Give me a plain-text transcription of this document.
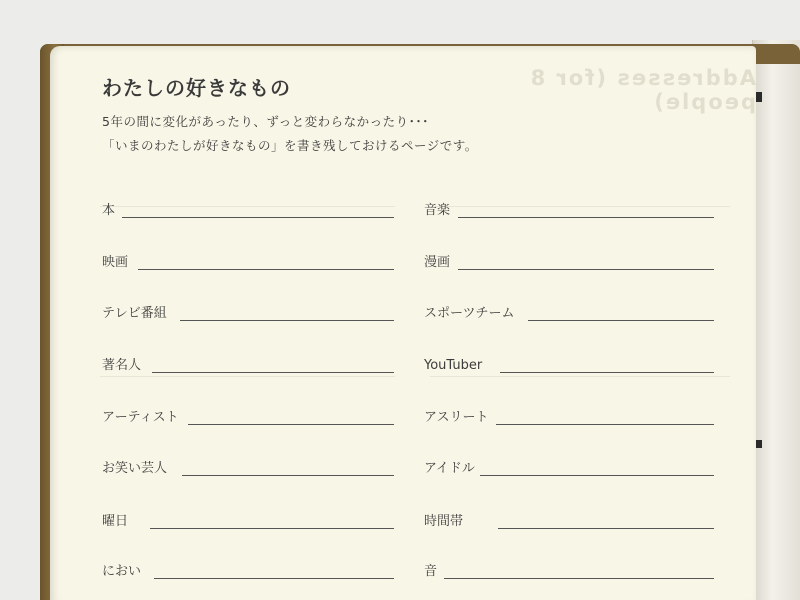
Addresses (for 8 people)
わたしの好きなもの
5年の間に変化があったり、ずっと変わらなかったり･･･
「いまのわたしが好きなもの」を書き残しておけるページです。
本
映画
テレビ番組
著名人
アーティスト
お笑い芸人
曜日
におい
音楽
漫画
スポーツチーム
YouTuber
アスリート
アイドル
時間帯
音
